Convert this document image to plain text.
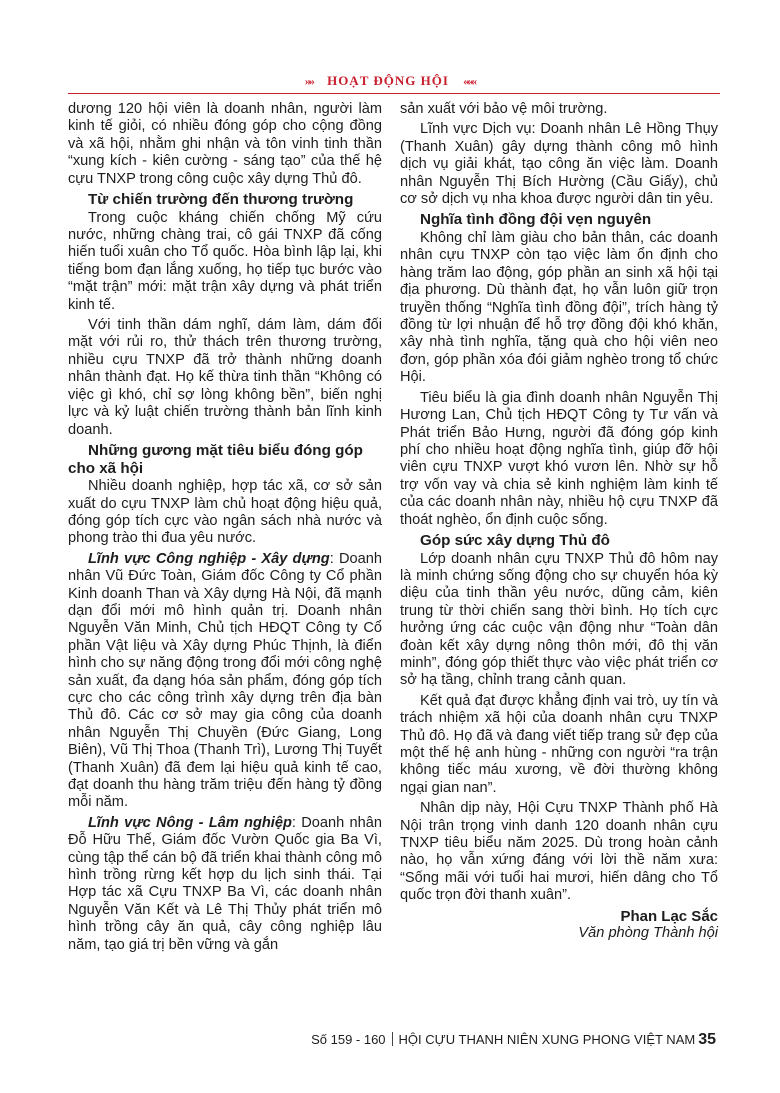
»» HOẠT ĐỘNG HỘI «««

dương 120 hội viên là doanh nhân, người làm kinh tế giỏi, có nhiều đóng góp cho cộng đồng và xã hội, nhằm ghi nhận và tôn vinh tinh thần “xung kích - kiên cường - sáng tạo” của thế hệ cựu TNXP trong công cuộc xây dựng Thủ đô.

Từ chiến trường đến thương trường

Trong cuộc kháng chiến chống Mỹ cứu nước, những chàng trai, cô gái TNXP đã cống hiến tuổi xuân cho Tổ quốc. Hòa bình lập lại, khi tiếng bom đạn lắng xuống, họ tiếp tục bước vào “mặt trận” mới: mặt trận xây dựng và phát triển kinh tế.

Với tinh thần dám nghĩ, dám làm, dám đối mặt với rủi ro, thử thách trên thương trường, nhiều cựu TNXP đã trở thành những doanh nhân thành đạt. Họ kế thừa tinh thần “Không có việc gì khó, chỉ sợ lòng không bền”, biến nghị lực và kỷ luật chiến trường thành bản lĩnh kinh doanh.

Những gương mặt tiêu biểu đóng góp cho xã hội

Nhiều doanh nghiệp, hợp tác xã, cơ sở sản xuất do cựu TNXP làm chủ hoạt động hiệu quả, đóng góp tích cực vào ngân sách nhà nước và phong trào thi đua yêu nước.

Lĩnh vực Công nghiệp - Xây dựng: Doanh nhân Vũ Đức Toàn, Giám đốc Công ty Cổ phần Kinh doanh Than và Xây dựng Hà Nội, đã mạnh dạn đổi mới mô hình quản trị. Doanh nhân Nguyễn Văn Minh, Chủ tịch HĐQT Công ty Cổ phần Vật liệu và Xây dựng Phúc Thịnh, là điển hình cho sự năng động trong đổi mới công nghệ sản xuất, đa dạng hóa sản phẩm, đóng góp tích cực cho các công trình xây dựng trên địa bàn Thủ đô. Các cơ sở may gia công của doanh nhân Nguyễn Thị Chuyền (Đức Giang, Long Biên), Vũ Thị Thoa (Thanh Trì), Lương Thị Tuyết (Thanh Xuân) đã đem lại hiệu quả kinh tế cao, đạt doanh thu hàng trăm triệu đến hàng tỷ đồng mỗi năm.

Lĩnh vực Nông - Lâm nghiệp: Doanh nhân Đỗ Hữu Thế, Giám đốc Vườn Quốc gia Ba Vì, cùng tập thể cán bộ đã triển khai thành công mô hình trồng rừng kết hợp du lịch sinh thái. Tại Hợp tác xã Cựu TNXP Ba Vì, các doanh nhân Nguyễn Văn Kết và Lê Thị Thủy phát triển mô hình trồng cây ăn quả, cây công nghiệp lâu năm, tạo giá trị bền vững và gắn

sản xuất với bảo vệ môi trường.

Lĩnh vực Dịch vụ: Doanh nhân Lê Hồng Thụy (Thanh Xuân) gây dựng thành công mô hình dịch vụ giải khát, tạo công ăn việc làm. Doanh nhân Nguyễn Thị Bích Hường (Cầu Giấy), chủ cơ sở dịch vụ nha khoa được người dân tin yêu.

Nghĩa tình đồng đội vẹn nguyên

Không chỉ làm giàu cho bản thân, các doanh nhân cựu TNXP còn tạo việc làm ổn định cho hàng trăm lao động, góp phần an sinh xã hội tại địa phương. Dù thành đạt, họ vẫn luôn giữ trọn truyền thống “Nghĩa tình đồng đội”, trích hàng tỷ đồng từ lợi nhuận để hỗ trợ đồng đội khó khăn, xây nhà tình nghĩa, tặng quà cho hội viên neo đơn, góp phần xóa đói giảm nghèo trong tổ chức Hội.

Tiêu biểu là gia đình doanh nhân Nguyễn Thị Hương Lan, Chủ tịch HĐQT Công ty Tư vấn và Phát triển Bảo Hưng, người đã đóng góp kinh phí cho nhiều hoạt động nghĩa tình, giúp đỡ hội viên cựu TNXP vượt khó vươn lên. Nhờ sự hỗ trợ vốn vay và chia sẻ kinh nghiệm làm kinh tế của các doanh nhân này, nhiều hộ cựu TNXP đã thoát nghèo, ổn định cuộc sống.

Góp sức xây dựng Thủ đô

Lớp doanh nhân cựu TNXP Thủ đô hôm nay là minh chứng sống động cho sự chuyển hóa kỳ diệu của tinh thần yêu nước, dũng cảm, kiên trung từ thời chiến sang thời bình. Họ tích cực hưởng ứng các cuộc vận động như “Toàn dân đoàn kết xây dựng nông thôn mới, đô thị văn minh”, đóng góp thiết thực vào việc phát triển cơ sở hạ tầng, chỉnh trang cảnh quan.

Kết quả đạt được khẳng định vai trò, uy tín và trách nhiệm xã hội của doanh nhân cựu TNXP Thủ đô. Họ đã và đang viết tiếp trang sử đẹp của một thế hệ anh hùng - những con người “ra trận không tiếc máu xương, về đời thường không ngại gian nan”.

Nhân dịp này, Hội Cựu TNXP Thành phố Hà Nội trân trọng vinh danh 120 doanh nhân cựu TNXP tiêu biểu năm 2025. Dù trong hoàn cảnh nào, họ vẫn xứng đáng với lời thề năm xưa: “Sống mãi với tuổi hai mươi, hiến dâng cho Tổ quốc trọn đời thanh xuân”.

Phan Lạc Sắc
Văn phòng Thành hội
Số 159 - 160 HỘI CỰU THANH NIÊN XUNG PHONG VIỆT NAM 35
